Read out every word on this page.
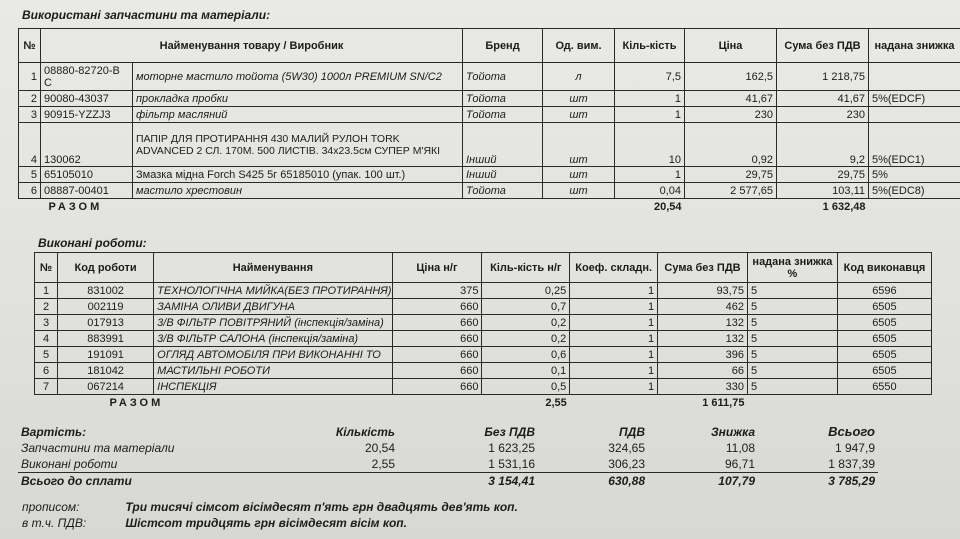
Використані запчастини та матеріали:
№	Найменування товару / Виробник		Бренд	Од. вим.	Кіль-кість	Ціна	Сума без ПДВ	надана знижка
1	08880-82720-B C	моторне мастило тойота (5W30) 1000л PREMIUM SN/C2	Тойота	л	7,5	162,5	1 218,75	
2	90080-43037	прокладка пробки	Тойота	шт	1	41,67	41,67	5%(EDCF)
3	90915-YZZJ3	фільтр масляний	Тойота	шт	1	230	230	
4	130062	ПАПІР ДЛЯ ПРОТИРАННЯ 430 МАЛИЙ РУЛОН TORK ADVANCED 2 СЛ. 170М. 500 ЛИСТІВ. 34х23.5см СУПЕР М'ЯКІ	Інший	шт	10	0,92	9,2	5%(EDC1)
5	65105010	Змазка мідна Forch S425 5г 65185010 (упак. 100 шт.)	Інший	шт	1	29,75	29,75	5%
6	08887-00401	мастило хрестовин	Тойота	шт	0,04	2 577,65	103,11	5%(EDC8)
	РАЗОМ				20,54		1 632,48	
Виконані роботи:
№	Код роботи	Найменування	Ціна н/г	Кіль-кість н/г	Коеф. складн.	Сума без ПДВ	надана знижка %	Код виконавця
1	831002	ТЕХНОЛОГІЧНА МИЙКА(БЕЗ ПРОТИРАННЯ)	375	0,25	1	93,75	5	6596
2	002119	ЗАМІНА ОЛИВИ ДВИГУНА	660	0,7	1	462	5	6505
3	017913	3/В ФІЛЬТР ПОВІТРЯНИЙ (інспекція/заміна)	660	0,2	1	132	5	6505
4	883991	3/В ФІЛЬТР САЛОНА (інспекція/заміна)	660	0,2	1	132	5	6505
5	191091	ОГЛЯД АВТОМОБІЛЯ ПРИ ВИКОНАННІ ТО	660	0,6	1	396	5	6505
6	181042	МАСТИЛЬНІ РОБОТИ	660	0,1	1	66	5	6505
7	067214	ІНСПЕКЦІЯ	660	0,5	1	330	5	6550
	РАЗОМ			2,55		1 611,75		
Вартість:	Кількість	Без ПДВ	ПДВ	Знижка	Всього
Запчастини та матеріали	20,54	1 623,25	324,65	11,08	1 947,9
Виконані роботи	2,55	1 531,16	306,23	96,71	1 837,39
Всього до сплати		3 154,41	630,88	107,79	3 785,29
прописом:	Три тисячі сімсот вісімдесят п'ять грн двадцять дев'ять коп.
в т.ч. ПДВ:	Шістсот тридцять грн вісімдесят вісім коп.
